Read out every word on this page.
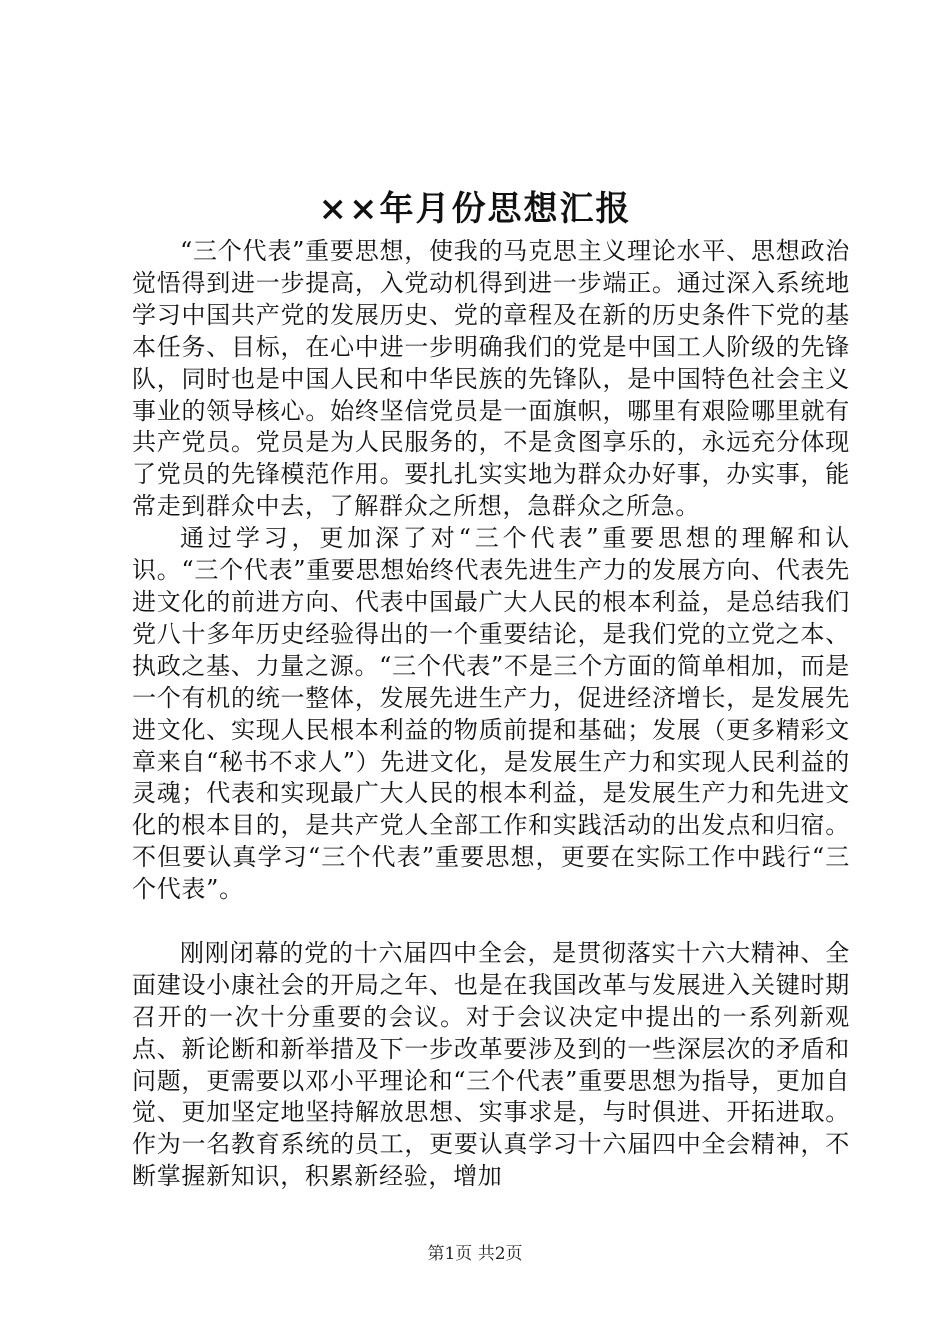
××年月份思想汇报

“三个代表”重要思想，使我的马克思主义理论水平、思想政治觉悟得到进一步提高，入党动机得到进一步端正。通过深入系统地学习中国共产党的发展历史、党的章程及在新的历史条件下党的基本任务、目标，在心中进一步明确我们的党是中国工人阶级的先锋队，同时也是中国人民和中华民族的先锋队，是中国特色社会主义事业的领导核心。始终坚信党员是一面旗帜，哪里有艰险哪里就有共产党员。党员是为人民服务的，不是贪图享乐的，永远充分体现了党员的先锋模范作用。要扎扎实实地为群众办好事，办实事，能常走到群众中去，了解群众之所想，急群众之所急。

通过学习，更加深了对“三个代表”重要思想的理解和认识。“三个代表”重要思想始终代表先进生产力的发展方向、代表先进文化的前进方向、代表中国最广大人民的根本利益，是总结我们党八十多年历史经验得出的一个重要结论，是我们党的立党之本、执政之基、力量之源。“三个代表”不是三个方面的简单相加，而是一个有机的统一整体，发展先进生产力，促进经济增长，是发展先进文化、实现人民根本利益的物质前提和基础；发展（更多精彩文章来自“秘书不求人”）先进文化，是发展生产力和实现人民利益的灵魂；代表和实现最广大人民的根本利益，是发展生产力和先进文化的根本目的，是共产党人全部工作和实践活动的出发点和归宿。不但要认真学习“三个代表”重要思想，更要在实际工作中践行“三个代表”。

刚刚闭幕的党的十六届四中全会，是贯彻落实十六大精神、全面建设小康社会的开局之年、也是在我国改革与发展进入关键时期召开的一次十分重要的会议。对于会议决定中提出的一系列新观点、新论断和新举措及下一步改革要涉及到的一些深层次的矛盾和问题，更需要以邓小平理论和“三个代表”重要思想为指导，更加自觉、更加坚定地坚持解放思想、实事求是，与时俱进、开拓进取。作为一名教育系统的员工，更要认真学习十六届四中全会精神，不断掌握新知识，积累新经验，增加

第1页 共2页
